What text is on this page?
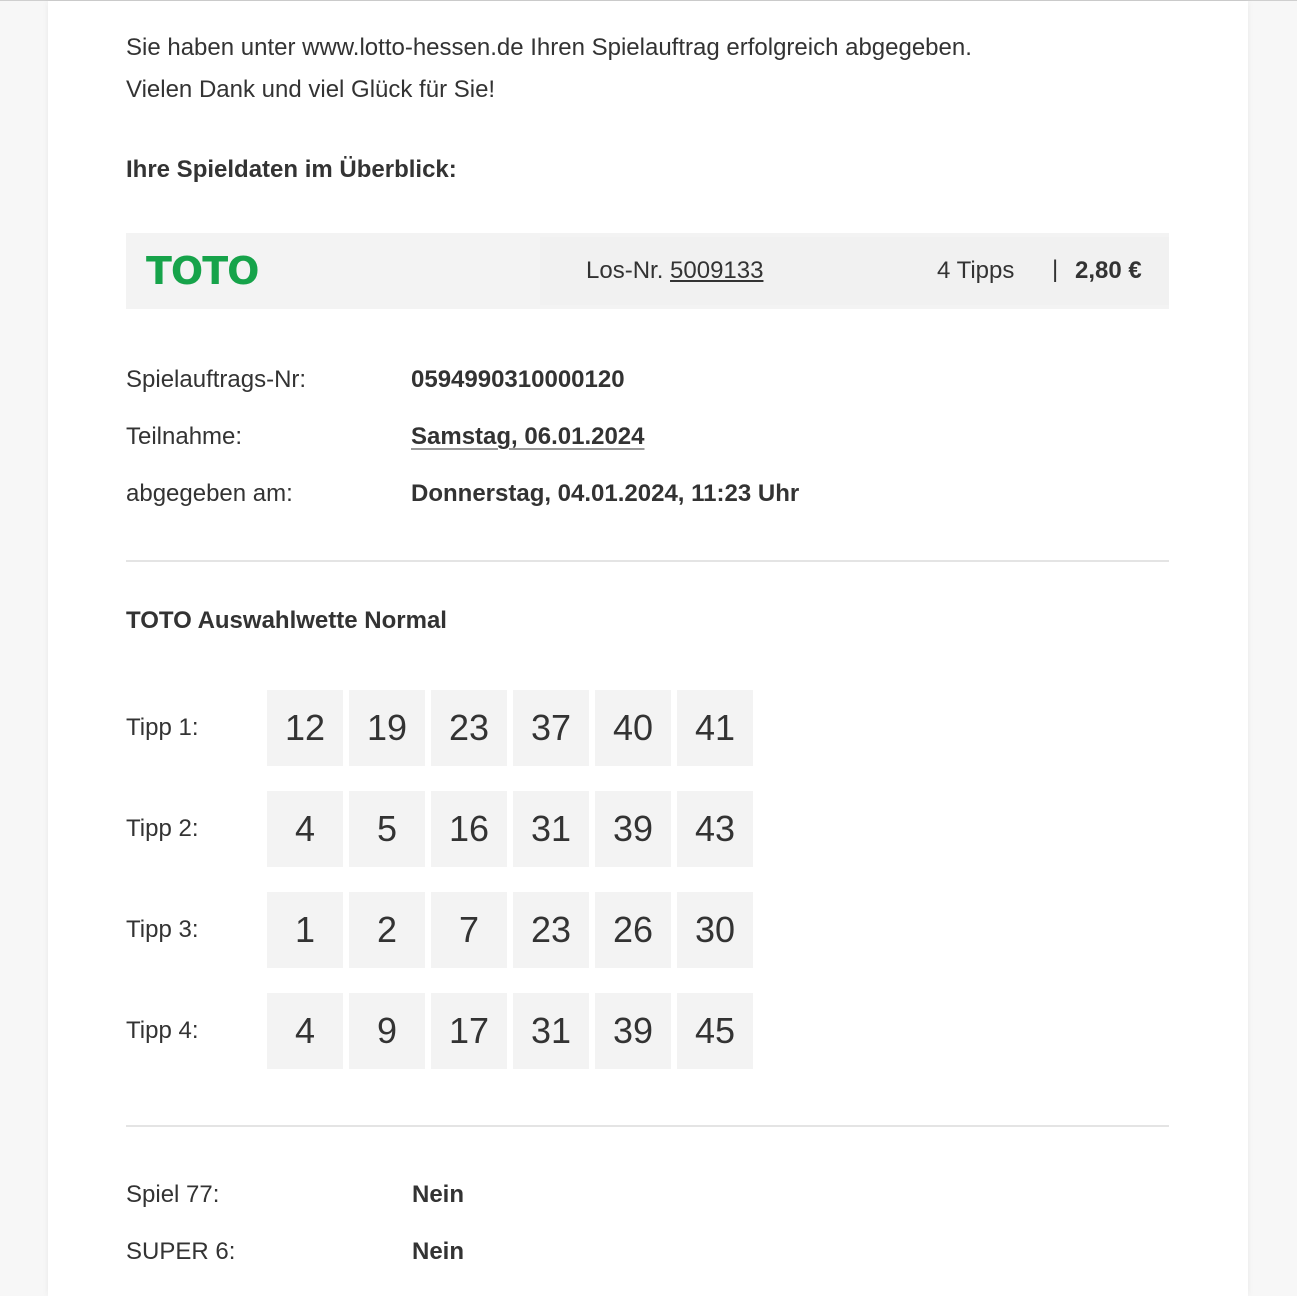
Sie haben unter www.lotto-hessen.de Ihren Spielauftrag erfolgreich abgegeben.
Vielen Dank und viel Glück für Sie!
Ihre Spieldaten im Überblick:
TOTO	Los-Nr. 5009133	4 Tipps | 2,80 €
Spielauftrags-Nr:	0594990310000120
Teilnahme:	Samstag, 06.01.2024
abgegeben am:	Donnerstag, 04.01.2024, 11:23 Uhr
TOTO Auswahlwette Normal
Tipp 1:	12	19	23	37	40	41
Tipp 2:	4	5	16	31	39	43
Tipp 3:	1	2	7	23	26	30
Tipp 4:	4	9	17	31	39	45
Spiel 77:	Nein
SUPER 6:	Nein
